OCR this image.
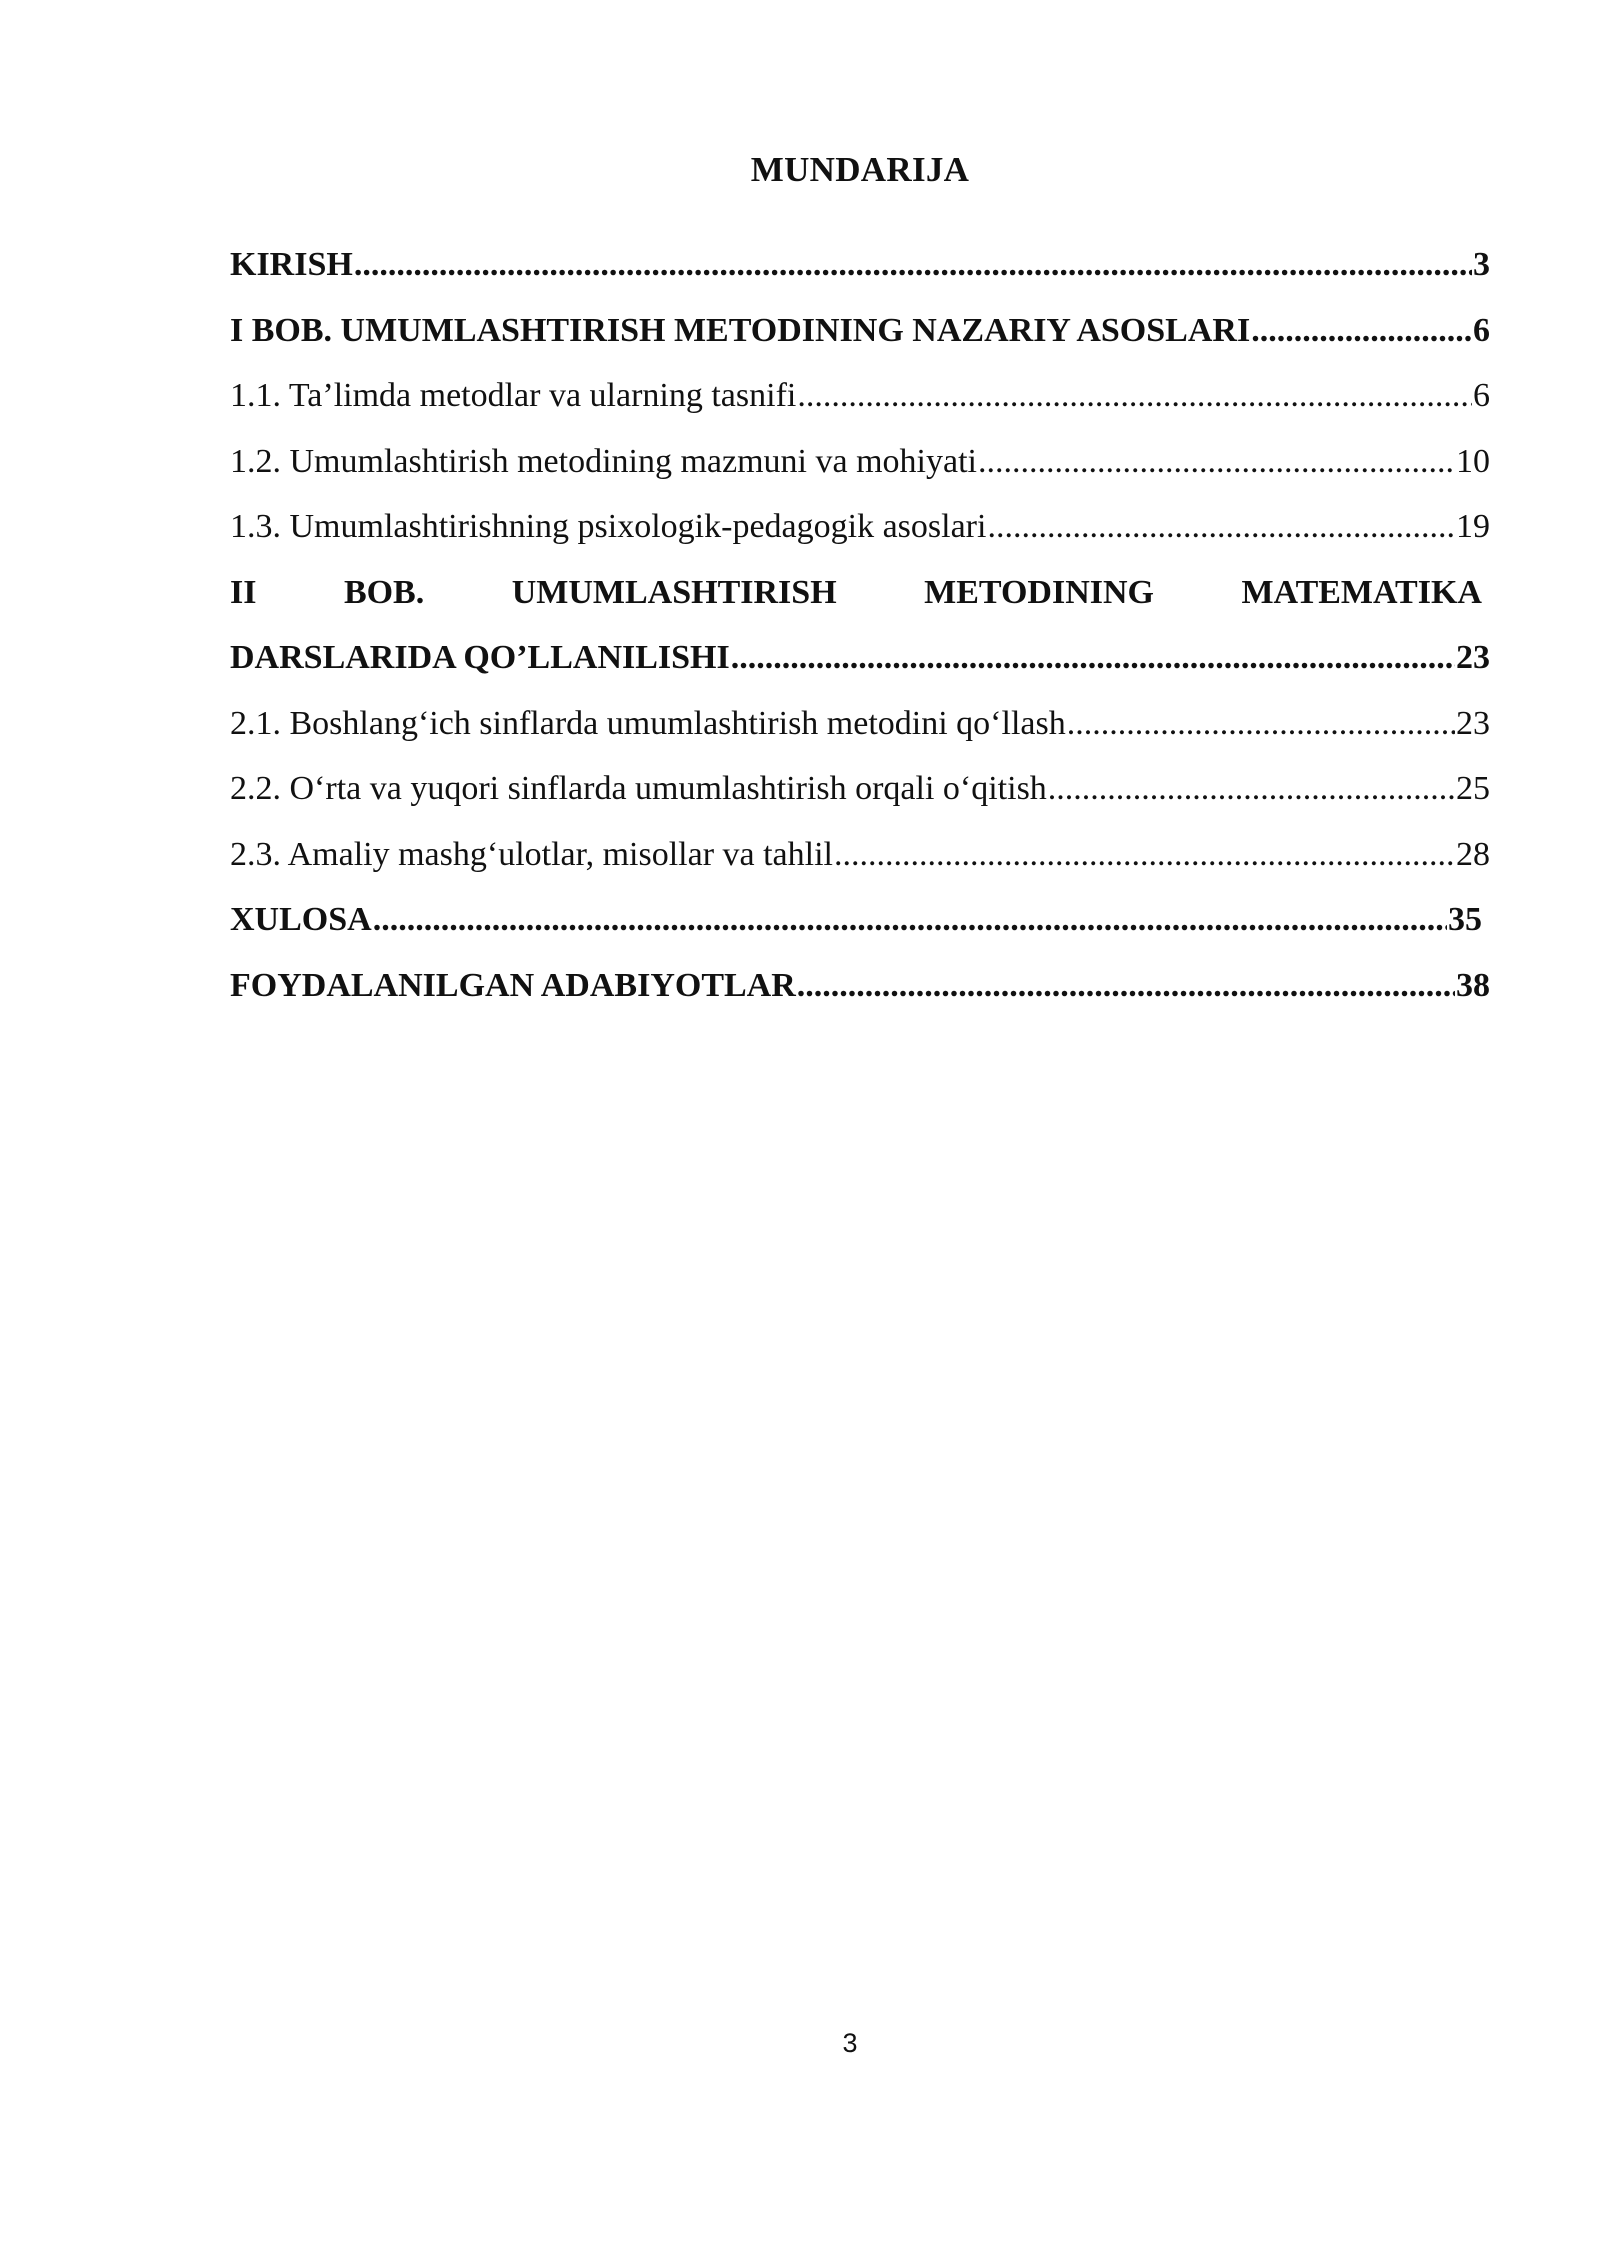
MUNDARIJA
KIRISH .....	3
I BOB. UMUMLASHTIRISH METODINING NAZARIY ASOSLARI .....	6
1.1. Ta’limda metodlar va ularning tasnifi .....	6
1.2. Umumlashtirish metodining mazmuni va mohiyati .....	10
1.3. Umumlashtirishning psixologik-pedagogik asoslari .....	19
II	BOB.	UMUMLASHTIRISH	METODINING	MATEMATIKA
DARSLARIDA QO’LLANILISHI .....	23
2.1. Boshlang‘ich sinflarda umumlashtirish metodini qo‘llash .....	23
2.2. O‘rta va yuqori sinflarda umumlashtirish orqali o‘qitish .....	25
2.3. Amaliy mashg‘ulotlar, misollar va tahlil .....	28
XULOSA .....	35
FOYDALANILGAN ADABIYOTLAR .....	38
3
